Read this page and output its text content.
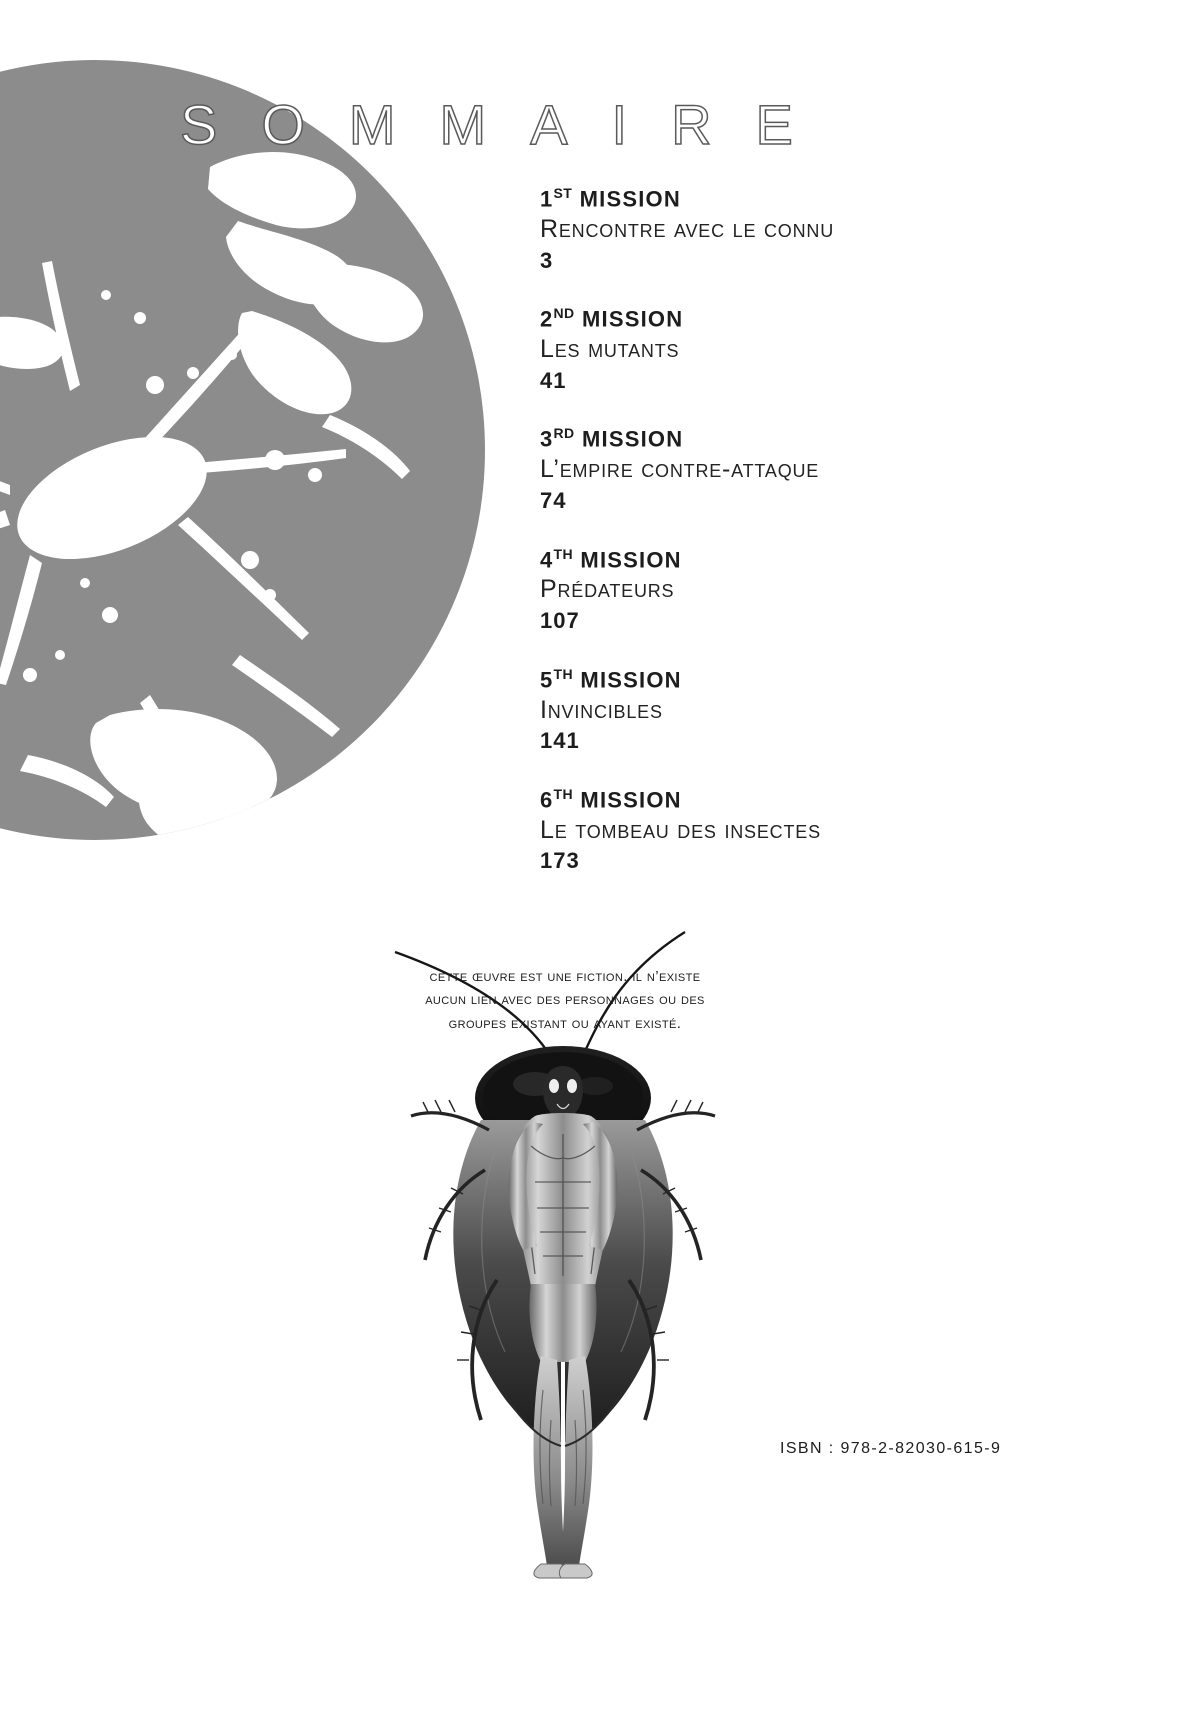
SOMMAIRE
1ST MISSION
Rencontre avec le connu
3
2ND MISSION
Les mutants
41
3RD MISSION
L’empire contre-attaque
74
4TH MISSION
Prédateurs
107
5TH MISSION
Invincibles
141
6TH MISSION
Le tombeau des insectes
173
cette œuvre est une fiction. il n’existe
aucun lien avec des personnages ou des
groupes existant ou ayant existé.
ISBN : 978-2-82030-615-9
